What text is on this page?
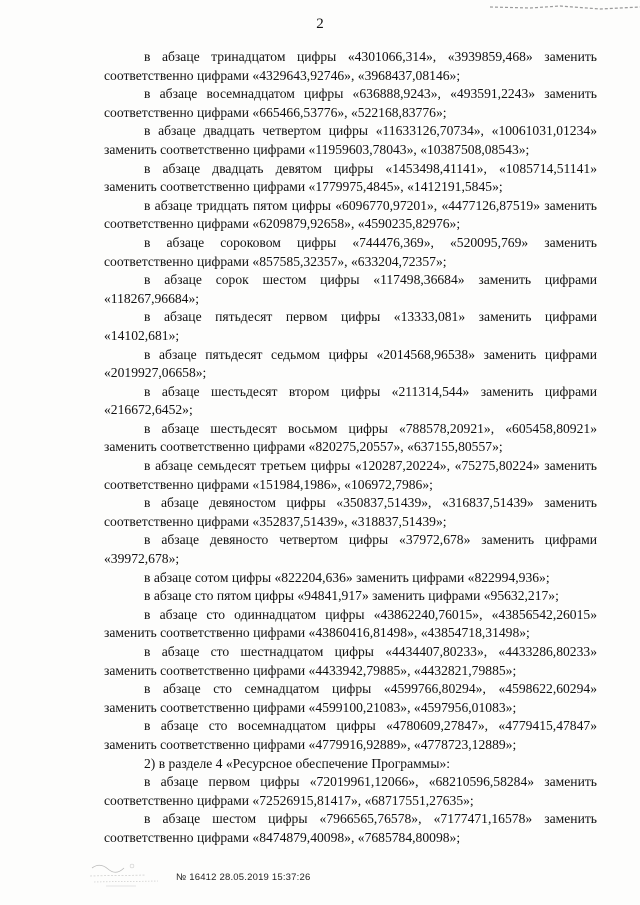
2

в абзаце тринадцатом цифры «4301066,314», «3939859,468» заменить соответственно цифрами «4329643,92746», «3968437,08146»;

в абзаце восемнадцатом цифры «636888,9243», «493591,2243» заменить соответственно цифрами «665466,53776», «522168,83776»;

в абзаце двадцать четвертом цифры «11633126,70734», «10061031,01234» заменить соответственно цифрами «11959603,78043», «10387508,08543»;

в абзаце двадцать девятом цифры «1453498,41141», «1085714,51141» заменить соответственно цифрами «1779975,4845», «1412191,5845»;

в абзаце тридцать пятом цифры «6096770,97201», «4477126,87519» заменить соответственно цифрами «6209879,92658», «4590235,82976»;

в абзаце сороковом цифры «744476,369», «520095,769» заменить соответственно цифрами «857585,32357», «633204,72357»;

в абзаце сорок шестом цифры «117498,36684» заменить цифрами «118267,96684»;

в абзаце пятьдесят первом цифры «13333,081» заменить цифрами «14102,681»;

в абзаце пятьдесят седьмом цифры «2014568,96538» заменить цифрами «2019927,06658»;

в абзаце шестьдесят втором цифры «211314,544» заменить цифрами «216672,6452»;

в абзаце шестьдесят восьмом цифры «788578,20921», «605458,80921» заменить соответственно цифрами «820275,20557», «637155,80557»;

в абзаце семьдесят третьем цифры «120287,20224», «75275,80224» заменить соответственно цифрами «151984,1986», «106972,7986»;

в абзаце девяностом цифры «350837,51439», «316837,51439» заменить соответственно цифрами «352837,51439», «318837,51439»;

в абзаце девяносто четвертом цифры «37972,678» заменить цифрами «39972,678»;

в абзаце сотом цифры «822204,636» заменить цифрами «822994,936»;

в абзаце сто пятом цифры «94841,917» заменить цифрами «95632,217»;

в абзаце сто одиннадцатом цифры «43862240,76015», «43856542,26015» заменить соответственно цифрами «43860416,81498», «43854718,31498»;

в абзаце сто шестнадцатом цифры «4434407,80233», «4433286,80233» заменить соответственно цифрами «4433942,79885», «4432821,79885»;

в абзаце сто семнадцатом цифры «4599766,80294», «4598622,60294» заменить соответственно цифрами «4599100,21083», «4597956,01083»;

в абзаце сто восемнадцатом цифры «4780609,27847», «4779415,47847» заменить соответственно цифрами «4779916,92889», «4778723,12889»;

2) в разделе 4 «Ресурсное обеспечение Программы»:

в абзаце первом цифры «72019961,12066», «68210596,58284» заменить соответственно цифрами «72526915,81417», «68717551,27635»;

в абзаце шестом цифры «7966565,76578», «7177471,16578» заменить соответственно цифрами «8474879,40098», «7685784,80098»;

№ 16412 28.05.2019 15:37:26
